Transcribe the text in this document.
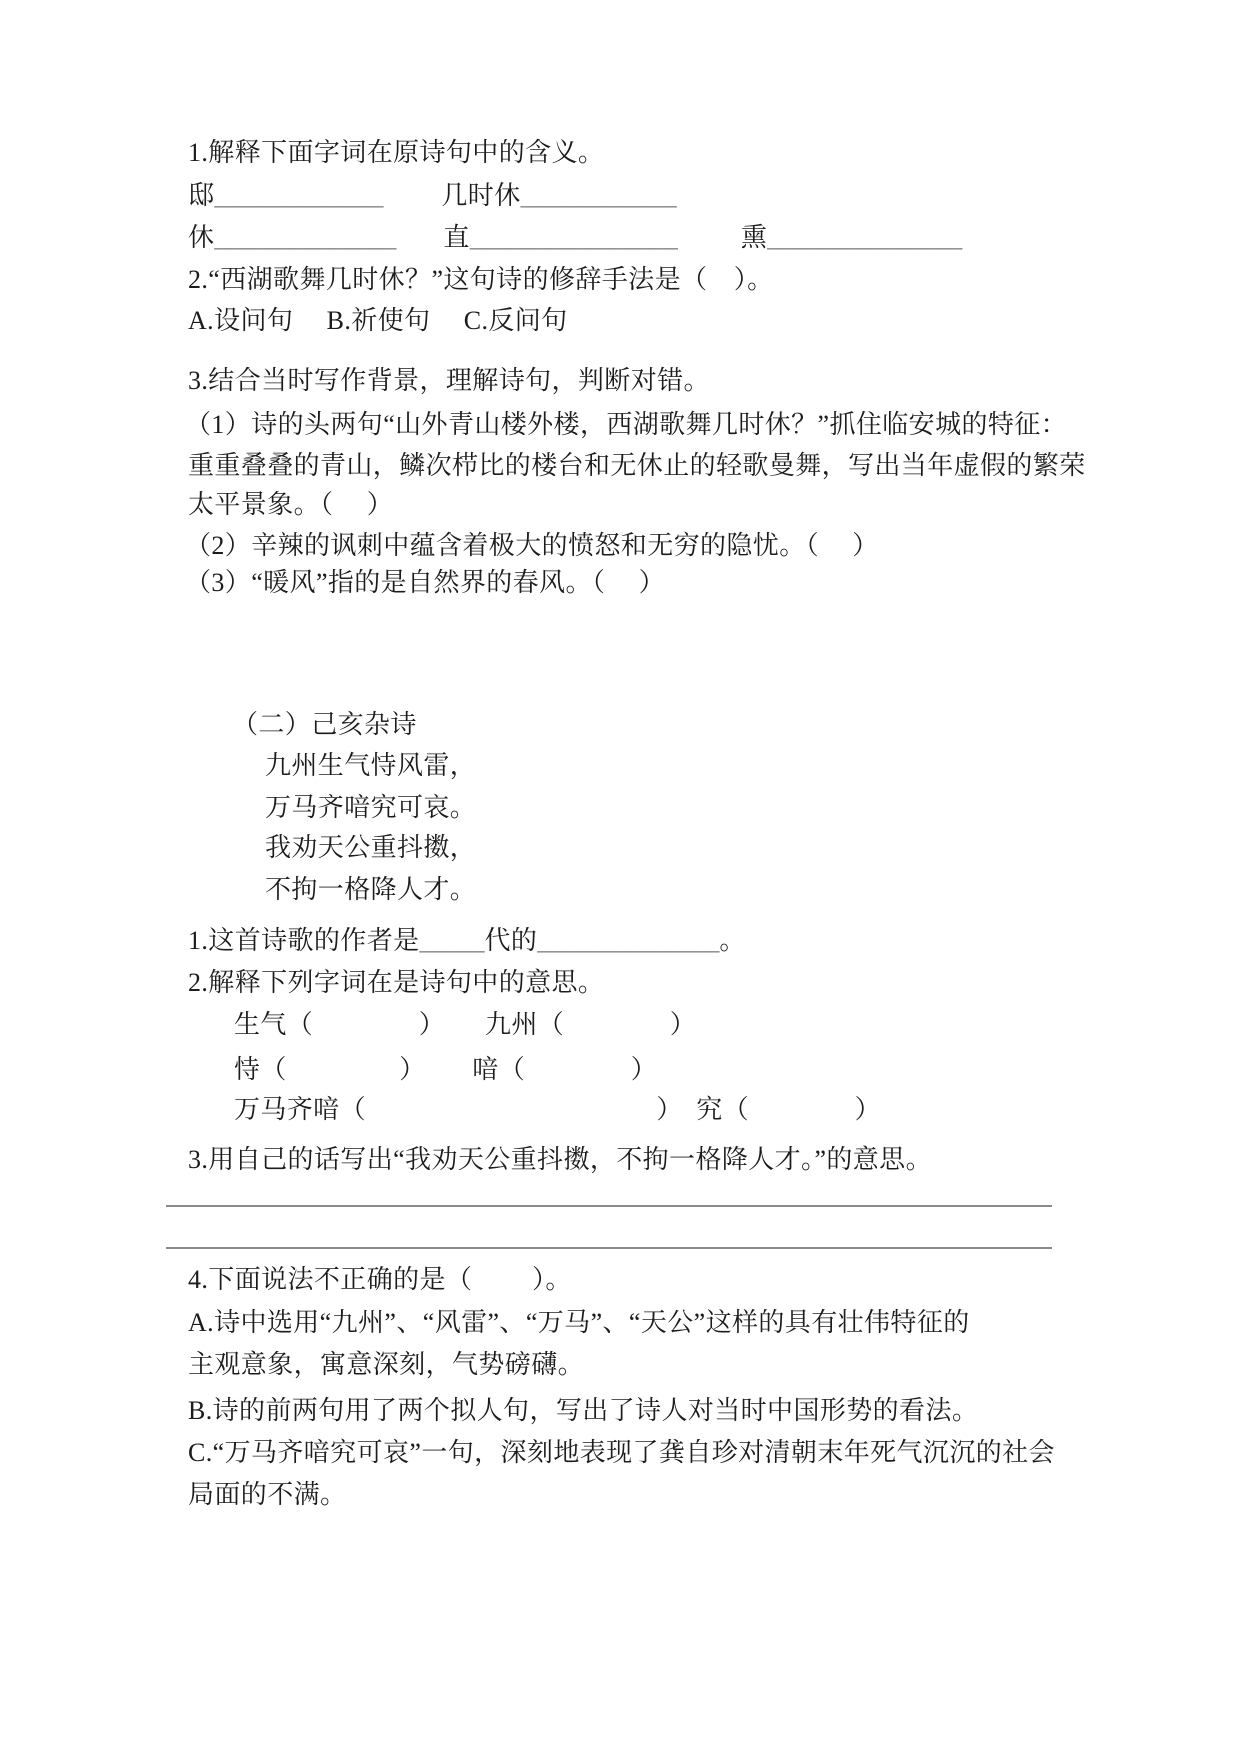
1.解释下面字词在原诗句中的含义。
邸_____________ 几时休____________
休______________ 直________________ 熏_______________
2.“西湖歌舞几时休？”这句诗的修辞手法是（　）。
A.设问句　 B.祈使句　 C.反问句
3.结合当时写作背景，理解诗句，判断对错。
（1）诗的头两句“山外青山楼外楼，西湖歌舞几时休？”抓住临安城的特征：
重重叠叠的青山，鳞次栉比的楼台和无休止的轻歌曼舞，写出当年虚假的繁荣
太平景象。（　 ）
（2）辛辣的讽刺中蕴含着极大的愤怒和无穷的隐忧。（　 ）
（3）“暖风”指的是自然界的春风。（　 ）
（二）己亥杂诗
九州生气恃风雷，
万马齐喑究可哀。
我劝天公重抖擞，
不拘一格降人才。
1.这首诗歌的作者是_____代的______________。
2.解释下列字词在是诗句中的意思。
生气（　　　　）　　九州（　　　　）
恃（　　　　 ）　　 喑（　　　　）
万马齐喑（　　　　　　　　　　　）　究（　　　　）
3.用自己的话写出“我劝天公重抖擞，不拘一格降人才。”的意思。
4.下面说法不正确的是（　　 ）。
A.诗中选用“九州”、“风雷”、“万马”、“天公”这样的具有壮伟特征的
主观意象，寓意深刻，气势磅礴。
B.诗的前两句用了两个拟人句，写出了诗人对当时中国形势的看法。
C.“万马齐喑究可哀”一句，深刻地表现了龚自珍对清朝末年死气沉沉的社会
局面的不满。
